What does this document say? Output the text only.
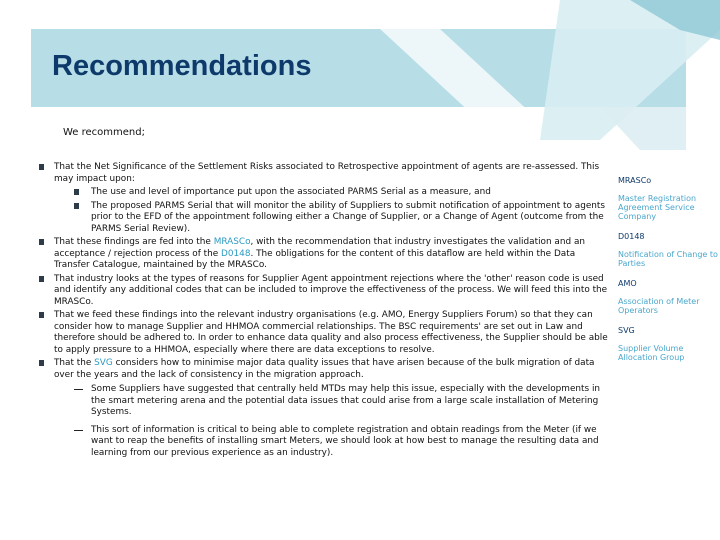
Recommendations
We recommend;
That the Net Significance of the Settlement Risks associated to Retrospective appointment of agents are re-assessed. This may impact upon:
The use and level of importance put upon the associated PARMS Serial as a measure, and
The proposed PARMS Serial that will monitor the ability of Suppliers to submit notification of appointment to agents prior to the EFD of the appointment following either a Change of Supplier, or a Change of Agent (outcome from the PARMS Serial Review).
That these findings are fed into the MRASCo, with the recommendation that industry investigates the validation and an acceptance / rejection process of the D0148. The obligations for the content of this dataflow are held within the Data Transfer Catalogue, maintained by the MRASCo.
That industry looks at the types of reasons for Supplier Agent appointment rejections where the 'other' reason code is used and identify any additional codes that can be included to improve the effectiveness of the process. We will feed this into the MRASCo.
That we feed these findings into the relevant industry organisations (e.g. AMO, Energy Suppliers Forum) so that they can consider how to manage Supplier and HHMOA commercial relationships. The BSC requirements' are set out in Law and therefore should be adhered to. In order to enhance data quality and also process effectiveness, the Supplier should be able to apply pressure to a HHMOA, especially where there are data exceptions to resolve.
That the SVG considers how to minimise major data quality issues that have arisen because of the bulk migration of data over the years and the lack of consistency in the migration approach.
Some Suppliers have suggested that centrally held MTDs may help this issue, especially with the developments in the smart metering arena and the potential data issues that could arise from a large scale installation of Metering Systems.
This sort of information is critical to being able to complete registration and obtain readings from the Meter (if we want to reap the benefits of installing smart Meters, we should look at how best to manage the resulting data and learning from our previous experience as an industry).

MRASCo

Master Registration Agreement Service Company

D0148

Notification of Change to Parties

AMO

Association of Meter Operators

SVG

Supplier Volume Allocation Group
